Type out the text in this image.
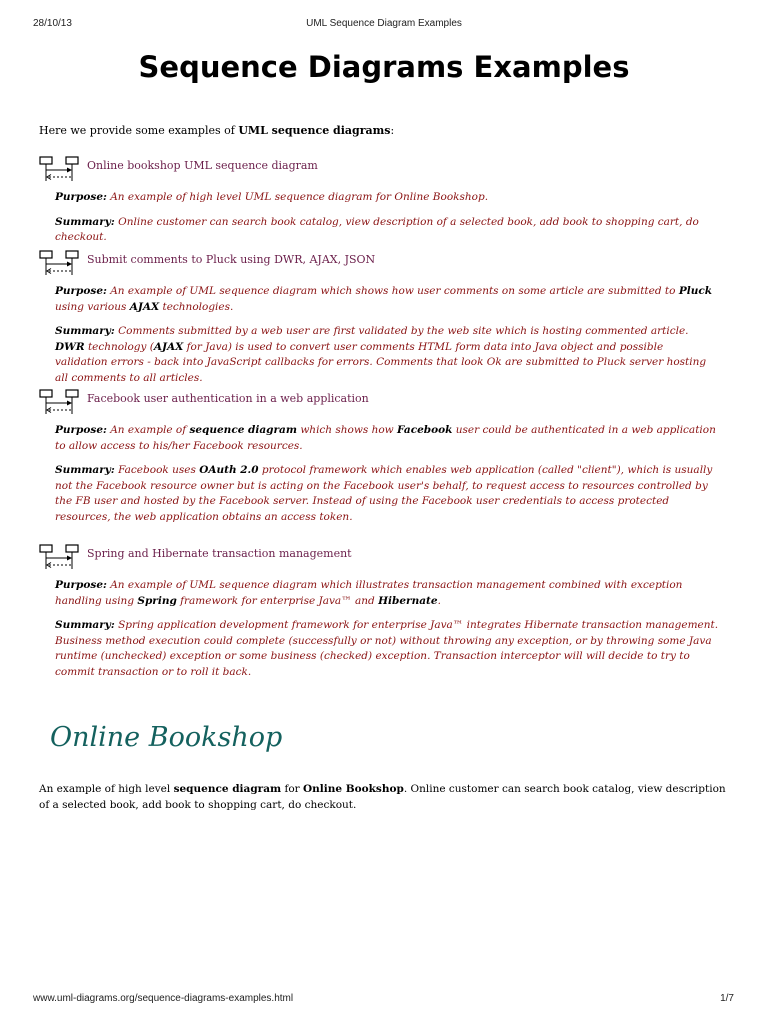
28/10/13	UML Sequence Diagram Examples
Sequence Diagrams Examples

Here we provide some examples of UML sequence diagrams:

Online bookshop UML sequence diagram

Purpose: An example of high level UML sequence diagram for Online Bookshop.

Summary: Online customer can search book catalog, view description of a selected book, add book to shopping cart, do checkout.

Submit comments to Pluck using DWR, AJAX, JSON

Purpose: An example of UML sequence diagram which shows how user comments on some article are submitted to Pluck using various AJAX technologies.

Summary: Comments submitted by a web user are first validated by the web site which is hosting commented article. DWR technology (AJAX for Java) is used to convert user comments HTML form data into Java object and possible validation errors - back into JavaScript callbacks for errors. Comments that look Ok are submitted to Pluck server hosting all comments to all articles.

Facebook user authentication in a web application

Purpose: An example of sequence diagram which shows how Facebook user could be authenticated in a web application to allow access to his/her Facebook resources.

Summary: Facebook uses OAuth 2.0 protocol framework which enables web application (called "client"), which is usually not the Facebook resource owner but is acting on the Facebook user's behalf, to request access to resources controlled by the FB user and hosted by the Facebook server. Instead of using the Facebook user credentials to access protected resources, the web application obtains an access token.

Spring and Hibernate transaction management

Purpose: An example of UML sequence diagram which illustrates transaction management combined with exception handling using Spring framework for enterprise Java™ and Hibernate.

Summary: Spring application development framework for enterprise Java™ integrates Hibernate transaction management. Business method execution could complete (successfully or not) without throwing any exception, or by throwing some Java runtime (unchecked) exception or some business (checked) exception. Transaction interceptor will will decide to try to commit transaction or to roll it back.

Online Bookshop

An example of high level sequence diagram for Online Bookshop. Online customer can search book catalog, view description of a selected book, add book to shopping cart, do checkout.

www.uml-diagrams.org/sequence-diagrams-examples.html	1/7
